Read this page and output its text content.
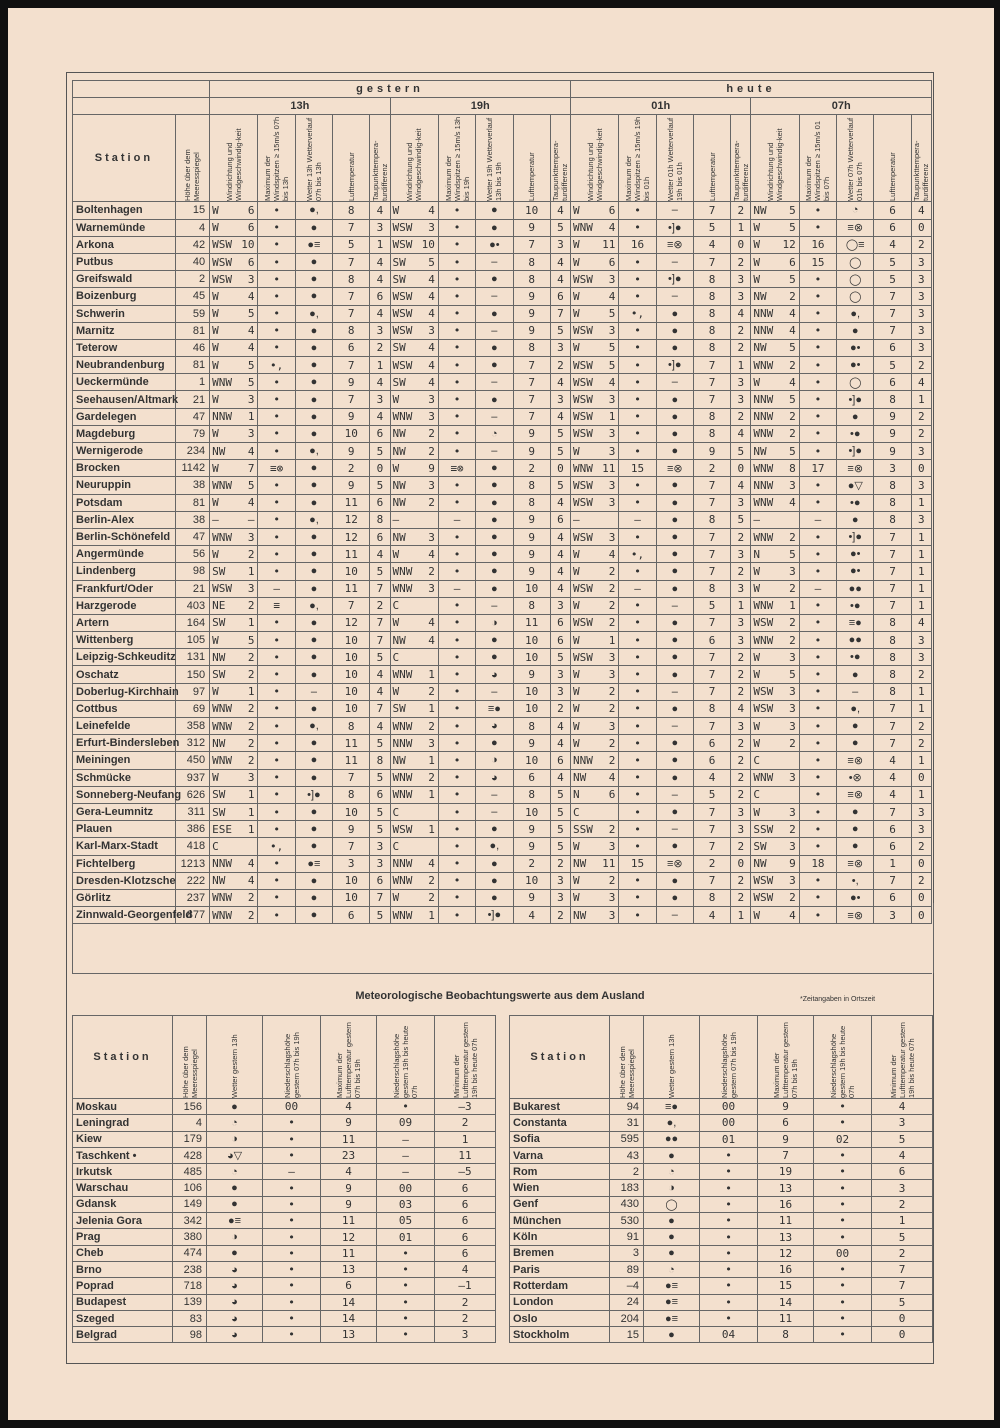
		gestern										heute									
		13h					19h					01h					07h				
Station	Höhe über dem Meeresspiegel	Windrichtung und Windgeschwindig-keit	Maximum der Windspitzen ≥ 15m/s 07h bis 13h	Wetter 13h Wetterverlauf 07h bis 13h	Lufttemperatur	Taupunkttempera-turdifferenz	Windrichtung und Windgeschwindig-keit	Maximum der Windspitzen ≥ 15m/s 13h bis 19h	Wetter 19h Wetterverlauf 13h bis 19h	Lufttemperatur	Taupunkttempera-turdifferenz	Windrichtung und Windgeschwindig-keit	Maximum der Windspitzen ≥ 15m/s 19h bis 01h	Wetter 01h Wetterverlauf 19h bis 01h	Lufttemperatur	Taupunkttempera-turdifferenz	Windrichtung und Windgeschwindig-keit	Maximum der Windspitzen ≥ 15m/s 01 bis 07h	Wetter 07h Wetterverlauf 01h bis 07h	Lufttemperatur	Taupunkttempera-turdifferenz

Boltenhagen	15	W 6	•	●,	8	4	W 4	•	●	10	4	W 6	•	–	7	2	NW 5	•	◔	6	4
Warnemünde	4	W 6	•	●	7	3	WSW 3	•	●	9	5	WNW 4	•	•]●	5	1	W 5	•	≡⊗	6	0
Arkona	42	WSW 10	•	●≡	5	1	WSW 10	•	●•	7	3	W 11	16	≡⊗	4	0	W 12	16	◯≡	4	2
Putbus	40	WSW 6	•	●	7	4	SW 5	•	–	8	4	W 6	•	–	7	2	W 6	15	◯	5	3
Greifswald	2	WSW 3	•	●	8	4	SW 4	•	●	8	4	WSW 3	•	•]●	8	3	W 5	•	◯	5	3
Boizenburg	45	W 4	•	●	7	6	WSW 4	•	–	9	6	W 4	•	–	8	3	NW 2	•	◯	7	3
Schwerin	59	W 5	•	●,	7	4	WSW 4	•	●	9	7	W 5	•,	●	8	4	NNW 4	•	●,	7	3
Marnitz	81	W 4	•	●	8	3	WSW 3	•	–	9	5	WSW 3	•	●	8	2	NNW 4	•	●	7	3
Teterow	46	W 4	•	●	6	2	SW 4	•	●	8	3	W 5	•	●	8	2	NW 5	•	●•	6	3
Neubrandenburg	81	W 5	•,	●	7	1	WSW 4	•	●	7	2	WSW 5	•	•]●	7	1	WNW 2	•	●•	5	2
Ueckermünde	1	WNW 5	•	●	9	4	SW 4	•	–	7	4	WSW 4	•	–	7	3	W 4	•	◯	6	4
Seehausen/Altmark	21	W 3	•	●	7	3	W 3	•	●	7	3	WSW 3	•	●	7	3	NNW 5	•	•]●	8	1
Gardelegen	47	NNW 1	•	●	9	4	WNW 3	•	–	7	4	WSW 1	•	●	8	2	NNW 2	•	●	9	2
Magdeburg	79	W 3	•	●	10	6	NW 2	•	◔	9	5	WSW 3	•	●	8	4	WNW 2	•	•●	9	2
Wernigerode	234	NW 4	•	●,	9	5	NW 2	•	–	9	5	W 3	•	●	9	5	NW 5	•	•]●	9	3
Brocken	1142	W 7	≡⊗	●	2	0	W 9	≡⊗	●	2	0	WNW 11	15	≡⊗	2	0	WNW 8	17	≡⊗	3	0
Neuruppin	38	WNW 5	•	●	9	5	NW 3	•	●	8	5	WSW 3	•	●	7	4	NNW 3	•	●▽	8	3
Potsdam	81	W 4	•	●	11	6	NW 2	•	●	8	4	WSW 3	•	●	7	3	WNW 4	•	•●	8	1
Berlin-Alex	38	– –	•	●,	12	8	–	–	●	9	6	–	–	●	8	5	–	–	●	8	3
Berlin-Schönefeld	47	WNW 3	•	●	12	6	NW 3	•	●	9	4	WSW 3	•	●	7	2	WNW 2	•	•]●	7	1
Angermünde	56	W 2	•	●	11	4	W 4	•	●	9	4	W 4	•,	●	7	3	N 5	•	●•	7	1
Lindenberg	98	SW 1	•	●	10	5	WNW 2	•	●	9	4	W 2	•	●	7	2	W 3	•	●•	7	1
Frankfurt/Oder	21	WSW 3	–	●	11	7	WNW 3	–	●	10	4	WSW 2	–	●	8	3	W 2	–	●●	7	1
Harzgerode	403	NE 2	≡	●,	7	2	C	•	–	8	3	W 2	•	–	5	1	WNW 1	•	•●	7	1
Artern	164	SW 1	•	●	12	7	W 4	•	◑	11	6	WSW 2	•	●	7	3	WSW 2	•	≡●	8	4
Wittenberg	105	W 5	•	●	10	7	NW 4	•	●	10	6	W 1	•	●	6	3	WNW 2	•	●●	8	3
Leipzig-Schkeuditz	131	NW 2	•	●	10	5	C	•	●	10	5	WSW 3	•	●	7	2	W 3	•	•●	8	3
Oschatz	150	SW 2	•	●	10	4	WNW 1	•	◕	9	3	W 3	•	●	7	2	W 5	•	●	8	2
Doberlug-Kirchhain	97	W 1	•	–	10	4	W 2	•	–	10	3	W 2	•	–	7	2	WSW 3	•	–	8	1
Cottbus	69	WNW 2	•	●	10	7	SW 1	•	≡●	10	2	W 2	•	●	8	4	WSW 3	•	●,	7	1
Leinefelde	358	WNW 2	•	●,	8	4	WNW 2	•	◕	8	4	W 3	•	–	7	3	W 3	•	●	7	2
Erfurt-Bindersleben	312	NW 2	•	●	11	5	NNW 3	•	●	9	4	W 2	•	●	6	2	W 2	•	●	7	2
Meiningen	450	WNW 2	•	●	11	8	NW 1	•	◑	10	6	NNW 2	•	●	6	2	C	•	≡⊗	4	1
Schmücke	937	W 3	•	●	7	5	WNW 2	•	◕	6	4	NW 4	•	●	4	2	WNW 3	•	•⊗	4	0
Sonneberg-Neufang	626	SW 1	•	•]●	8	6	WNW 1	•	–	8	5	N 6	•	–	5	2	C	•	≡⊗	4	1
Gera-Leumnitz	311	SW 1	•	●	10	5	C	•	–	10	5	C	•	●	7	3	W 3	•	●	7	3
Plauen	386	ESE 1	•	●	9	5	WSW 1	•	●	9	5	SSW 2	•	–	7	3	SSW 2	•	●	6	3
Karl-Marx-Stadt	418	C	•,	●	7	3	C	•	●,	9	5	W 3	•	●	7	2	SW 3	•	●	6	2
Fichtelberg	1213	NNW 4	•	●≡	3	3	NNW 4	•	●	2	2	NW 11	15	≡⊗	2	0	NW 9	18	≡⊗	1	0
Dresden-Klotzsche	222	NW 4	•	●	10	6	WNW 2	•	●	10	3	W 2	•	●	7	2	WSW 3	•	•,	7	2
Görlitz	237	WNW 2	•	●	10	7	W 2	•	●	9	3	W 3	•	●	8	2	WSW 2	•	●•	6	0
Zinnwald-Georgenfeld	877	WNW 2	•	●	6	5	WNW 1	•	•]●	4	2	NW 3	•	–	4	1	W 4	•	≡⊗	3	0
Meteorologische Beobachtungswerte aus dem Ausland	*Zeitangaben in Ortszeit
Station	Höhe über dem Meeresspiegel	Wetter gestern 13h	Niederschlagshöhe gestern 07h bis 19h	Maximum der Lufttemperatur gestern 07h bis 19h	Niederschlagshöhe gestern 19h bis heute 07h	Minimum der Lufttemperatur gestern 19h bis heute 07h

Moskau	156	●	00	4	•	–3
Leningrad	4	◔	•	9	09	2
Kiew	179	◑	•	11	–	1
Taschkent •	428	◕▽	•	23	–	11
Irkutsk	485	◔	–	4	–	–5
Warschau	106	●	•	9	00	6
Gdansk	149	●	•	9	03	6
Jelenia Gora	342	●≡	•	11	05	6
Prag	380	◑	•	12	01	6
Cheb	474	●	•	11	•	6
Brno	238	◕	•	13	•	4
Poprad	718	◕	•	6	•	–1
Budapest	139	◕	•	14	•	2
Szeged	83	◕	•	14	•	2
Belgrad	98	◕	•	13	•	3
Station	Höhe über dem Meeresspiegel	Wetter gestern 13h	Niederschlagshöhe gestern 07h bis 19h	Maximum der Lufttemperatur gestern 07h bis 19h	Niederschlagshöhe gestern 19h bis heute 07h	Minimum der Lufttemperatur gestern 19h bis heute 07h

Bukarest	94	≡●	00	9	•	4
Constanta	31	●,	00	6	•	3
Sofia	595	●●	01	9	02	5
Varna	43	●	•	7	•	4
Rom	2	◔	•	19	•	6
Wien	183	◑	•	13	•	3
Genf	430	◯	•	16	•	2
München	530	●	•	11	•	1
Köln	91	●	•	13	•	5
Bremen	3	●	•	12	00	2
Paris	89	◔	•	16	•	7
Rotterdam	–4	●≡	•	15	•	7
London	24	●≡	•	14	•	5
Oslo	204	●≡	•	11	•	0
Stockholm	15	●	04	8	•	0
